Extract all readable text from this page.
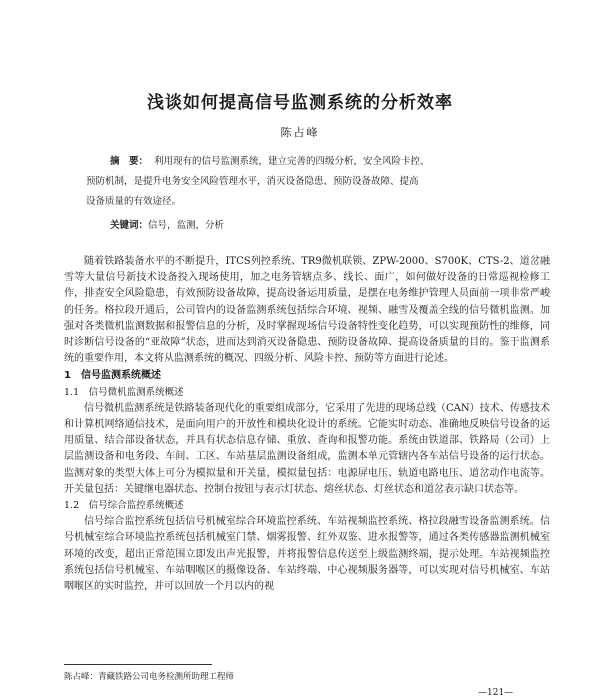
浅谈如何提高信号监测系统的分析效率
陈占峰
摘　要： 利用现有的信号监测系统，建立完善的四级分析，安全风险卡控、
预防机制，是提升电务安全风险管理水平，消灭设备隐患、预防设备故障、提高
设备质量的有效途径。
关键词：信号，监测，分析

随着铁路装备水平的不断提升，ITCS列控系统、TR9微机联锁、ZPW-2000、S700K、CTS-2、道岔融雪等大量信号新技术设备投入现场使用，加之电务管辖点多、线长、面广，如何做好设备的日常巡视检修工作，排查安全风险隐患，有效预防设备故障，提高设备运用质量，是摆在电务维护管理人员面前一项非常严峻的任务。格拉段开通后，公司管内的设备监测系统包括综合环境、视频、融雪及覆盖全线的信号微机监测。加强对各类微机监测数据和报警信息的分析，及时掌握现场信号设备特性变化趋势，可以实现预防性的维修，同时诊断信号设备的“亚故障”状态，进而达到消灭设备隐患、预防设备故障、提高设备质量的目的。鉴于监测系统的重要作用，本文将从监测系统的概况、四级分析、风险卡控、预防等方面进行论述。

1　信号监测系统概述
1.1　信号微机监测系统概述

信号微机监测系统是铁路装备现代化的重要组成部分，它采用了先进的现场总线（CAN）技术、传感技术和计算机网络通信技术，是面向用户的开放性和模块化设计的系统。它能实时动态、准确地反映信号设备的运用质量、结合部设备状态，并具有状态信息存储、重放、查询和报警功能。系统由铁道部、铁路局（公司）上层监测设备和电务段、车间、工区、车站基层监测设备组成，监测本单元管辖内各车站信号设备的运行状态。监测对象的类型大体上可分为模拟量和开关量，模拟量包括：电源屏电压、轨道电路电压、道岔动作电流等。开关量包括：关键继电器状态、控制台按钮与表示灯状态、熔丝状态、灯丝状态和道岔表示缺口状态等。

1.2　信号综合监控系统概述

信号综合监控系统包括信号机械室综合环境监控系统、车站视频监控系统、格拉段融雪设备监测系统。信号机械室综合环境监控系统包括机械室门禁、烟雾报警、红外双鉴、进水报警等，通过各类传感器监测机械室环境的改变，超出正常范围立即发出声光报警，并将报警信息传送至上级监测终端，提示处理。车站视频监控系统包括信号机械室、车站咽喉区的摄像设备、车站终端、中心视频服务器等，可以实现对信号机械室、车站咽喉区的实时监控，并可以回放一个月以内的视

陈占峰：青藏铁路公司电务检测所助理工程师
—121—
